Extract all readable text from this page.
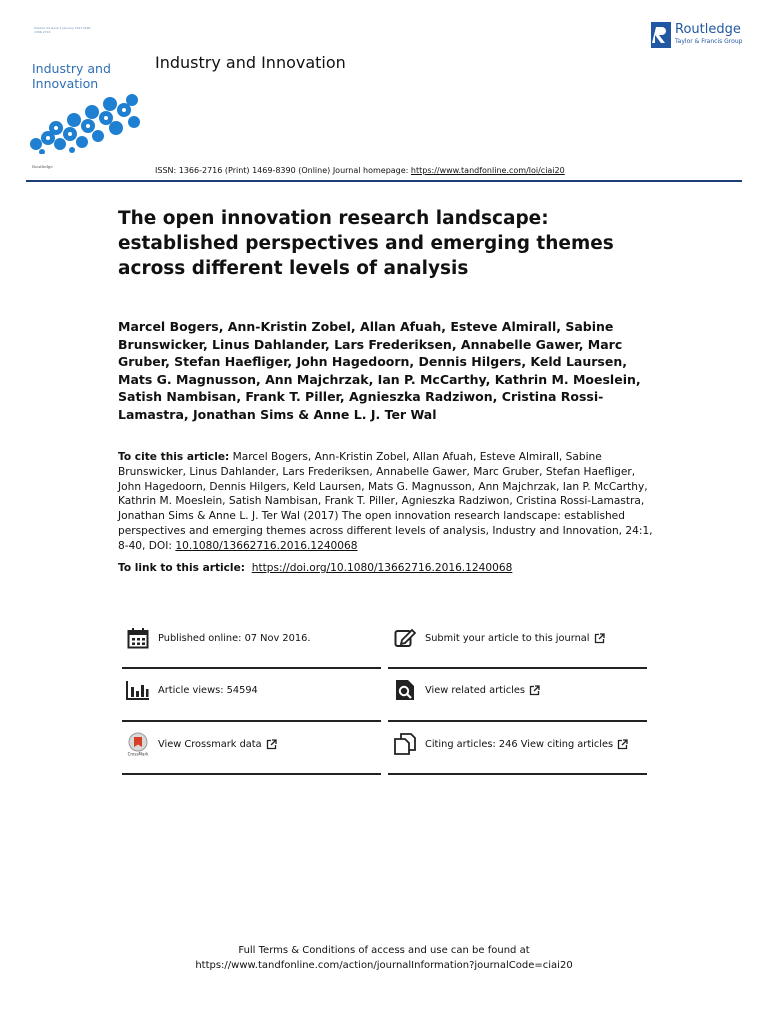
Volume 24 Issue 1 January 2017 ISSN 1366-2716
Industry and
Innovation
Routledge
Industry and Innovation
Routledge
Taylor & Francis Group
ISSN: 1366-2716 (Print) 1469-8390 (Online) Journal homepage: https://www.tandfonline.com/loi/ciai20
The open innovation research landscape: established perspectives and emerging themes across different levels of analysis
Marcel Bogers, Ann-Kristin Zobel, Allan Afuah, Esteve Almirall, Sabine Brunswicker, Linus Dahlander, Lars Frederiksen, Annabelle Gawer, Marc Gruber, Stefan Haefliger, John Hagedoorn, Dennis Hilgers, Keld Laursen, Mats G. Magnusson, Ann Majchrzak, Ian P. McCarthy, Kathrin M. Moeslein, Satish Nambisan, Frank T. Piller, Agnieszka Radziwon, Cristina Rossi-Lamastra, Jonathan Sims & Anne L. J. Ter Wal
To cite this article: Marcel Bogers, Ann-Kristin Zobel, Allan Afuah, Esteve Almirall, Sabine Brunswicker, Linus Dahlander, Lars Frederiksen, Annabelle Gawer, Marc Gruber, Stefan Haefliger, John Hagedoorn, Dennis Hilgers, Keld Laursen, Mats G. Magnusson, Ann Majchrzak, Ian P. McCarthy, Kathrin M. Moeslein, Satish Nambisan, Frank T. Piller, Agnieszka Radziwon, Cristina Rossi-Lamastra, Jonathan Sims & Anne L. J. Ter Wal (2017) The open innovation research landscape: established perspectives and emerging themes across different levels of analysis, Industry and Innovation, 24:1, 8-40, DOI: 10.1080/13662716.2016.1240068
To link to this article: https://doi.org/10.1080/13662716.2016.1240068
Published online: 07 Nov 2016.	Submit your article to this journal
Article views: 54594	View related articles
CrossMark
View Crossmark data	Citing articles: 246 View citing articles
Full Terms & Conditions of access and use can be found at
https://www.tandfonline.com/action/journalInformation?journalCode=ciai20
